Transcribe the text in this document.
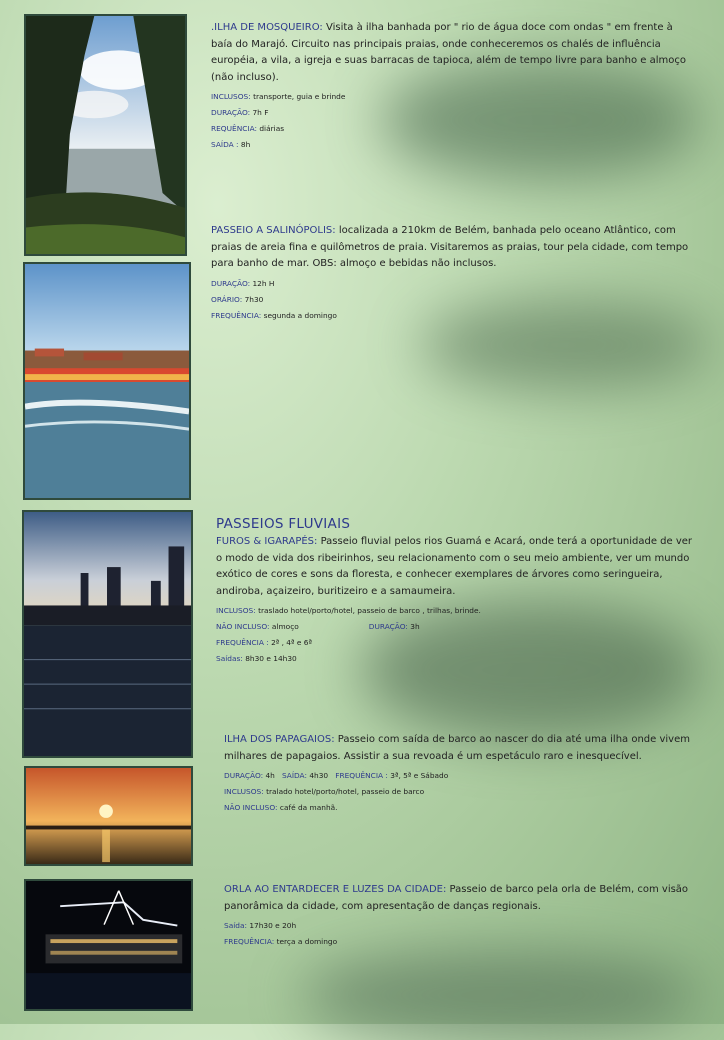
.ILHA DE MOSQUEIRO: Visita à ilha banhada por " rio de água doce com ondas " em frente à baía do Marajó. Circuito nas principais praias, onde conheceremos os chalés de influência européia, a vila, a igreja e suas barracas de tapioca, além de tempo livre para banho e almoço (não incluso).

INCLUSOS: transporte, guia e brinde

DURAÇÃO: 7h F

REQUÊNCIA: diárias

SAÍDA : 8h

PASSEIO A SALINÓPOLIS: localizada a 210km de Belém, banhada pelo oceano Atlântico, com praias de areia fina e quilômetros de praia. Visitaremos as praias, tour pela cidade, com tempo para banho de mar. OBS: almoço e bebidas não inclusos.

DURAÇÃO: 12h H

ORÁRIO: 7h30

FREQUÊNCIA: segunda a domingo

PASSEIOS FLUVIAIS

FUROS & IGARAPÉS: Passeio fluvial pelos rios Guamá e Acará, onde terá a oportunidade de ver o modo de vida dos ribeirinhos, seu relacionamento com o seu meio ambiente, ver um mundo exótico de cores e sons da floresta, e conhecer exemplares de árvores como seringueira, andiroba, açaizeiro, buritizeiro e a samaumeira.

INCLUSOS: traslado hotel/porto/hotel, passeio de barco , trilhas, brinde.

NÃO INCLUSO: almoço	DURAÇÃO: 3h

FREQUÊNCIA : 2ª , 4ª e 6ª

Saídas: 8h30 e 14h30

ILHA DOS PAPAGAIOS: Passeio com saída de barco ao nascer do dia até uma ilha onde vivem milhares de papagaios. Assistir a sua revoada é um espetáculo raro e inesquecível.

DURAÇÃO: 4h SAÍDA: 4h30 FREQUÊNCIA : 3ª, 5ª e Sábado

INCLUSOS: tralado hotel/porto/hotel, passeio de barco

NÃO INCLUSO: café da manhã.

ORLA AO ENTARDECER E LUZES DA CIDADE: Passeio de barco pela orla de Belém, com visão panorâmica da cidade, com apresentação de danças regionais.

Saída: 17h30 e 20h

FREQUÊNCIA: terça a domingo
